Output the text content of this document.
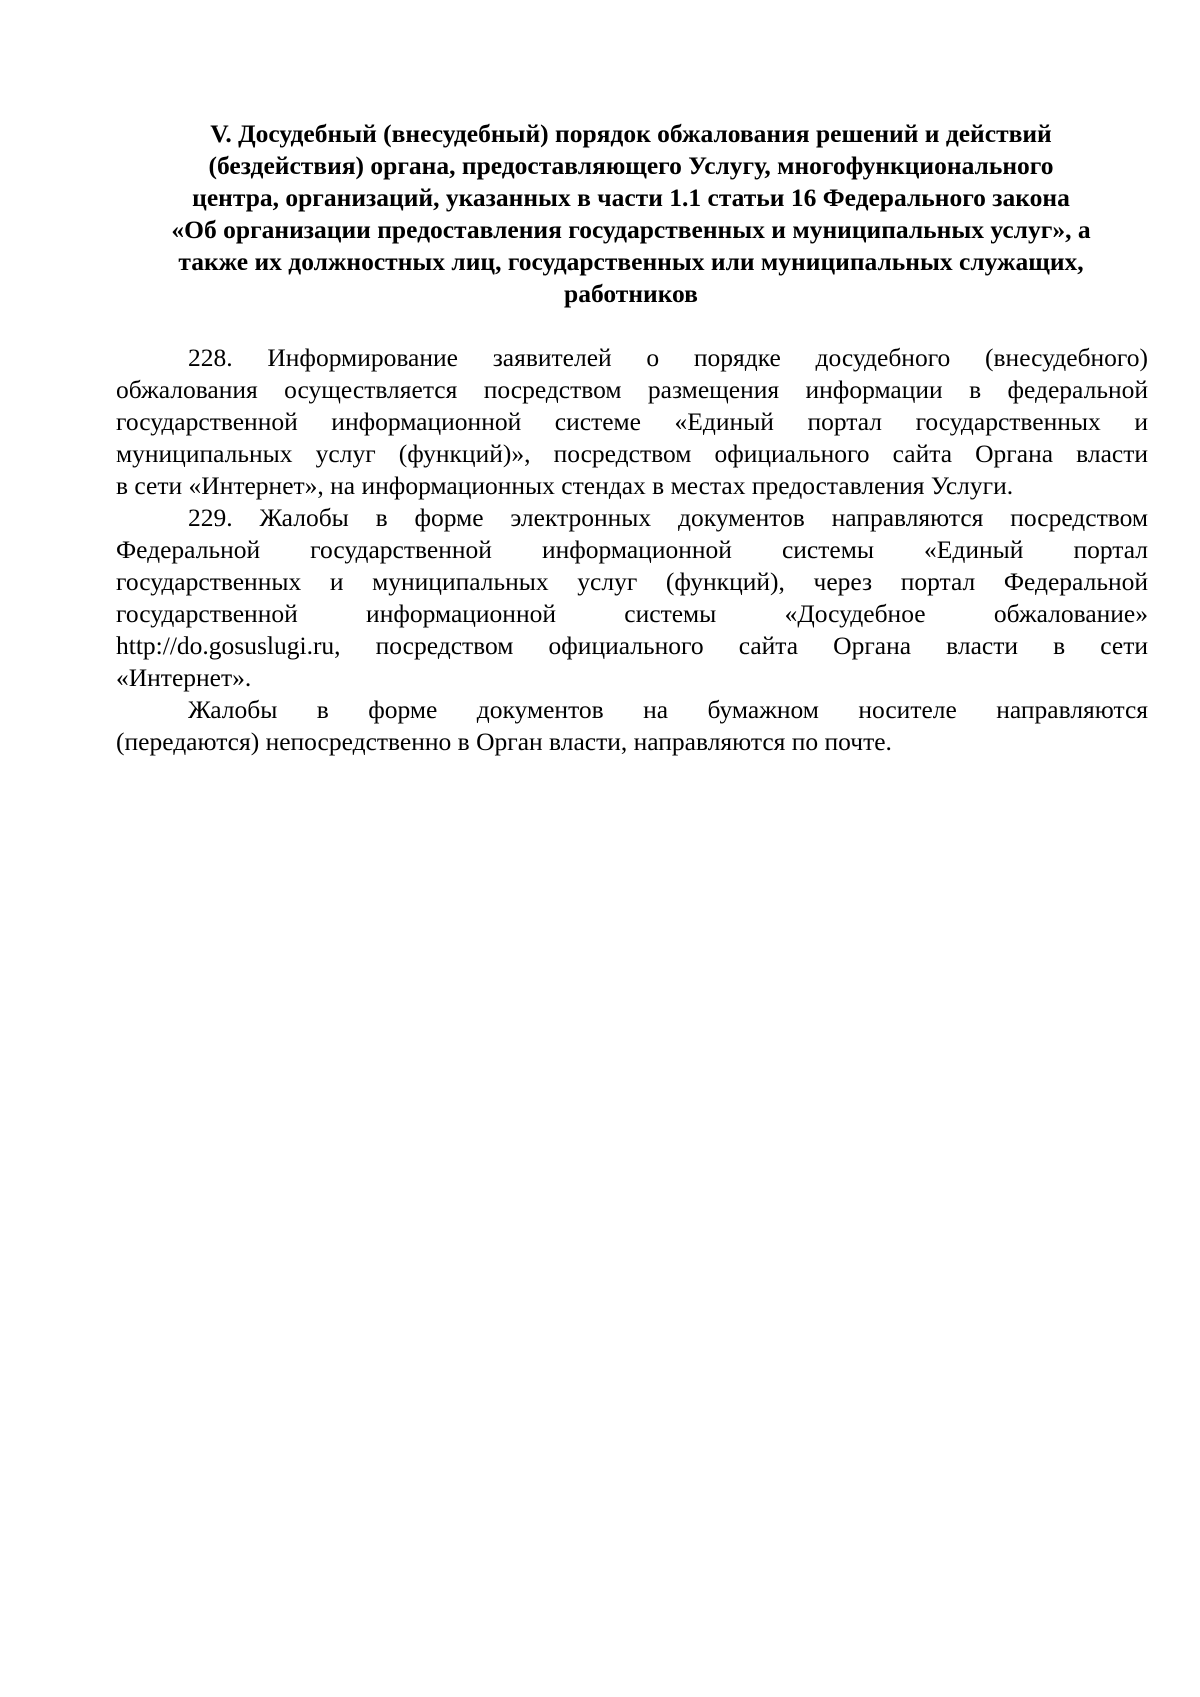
V. Досудебный (внесудебный) порядок обжалования решений и действий
(бездействия) органа, предоставляющего Услугу, многофункционального
центра, организаций, указанных в части 1.1 статьи 16 Федерального закона
«Об организации предоставления государственных и муниципальных услуг», а
также их должностных лиц, государственных или муниципальных служащих,
работников

228. Информирование заявителей о порядке досудебного (внесудебного)
обжалования осуществляется посредством размещения информации в федеральной
государственной информационной системе «Единый портал государственных и
муниципальных услуг (функций)», посредством официального сайта Органа власти
в сети «Интернет», на информационных стендах в местах предоставления Услуги.

229. Жалобы в форме электронных документов направляются посредством
Федеральной государственной информационной системы «Единый портал
государственных и муниципальных услуг (функций), через портал Федеральной
государственной информационной системы «Досудебное обжалование»
http://do.gosuslugi.ru, посредством официального сайта Органа власти в сети
«Интернет».

Жалобы в форме документов на бумажном носителе направляются
(передаются) непосредственно в Орган власти, направляются по почте.
